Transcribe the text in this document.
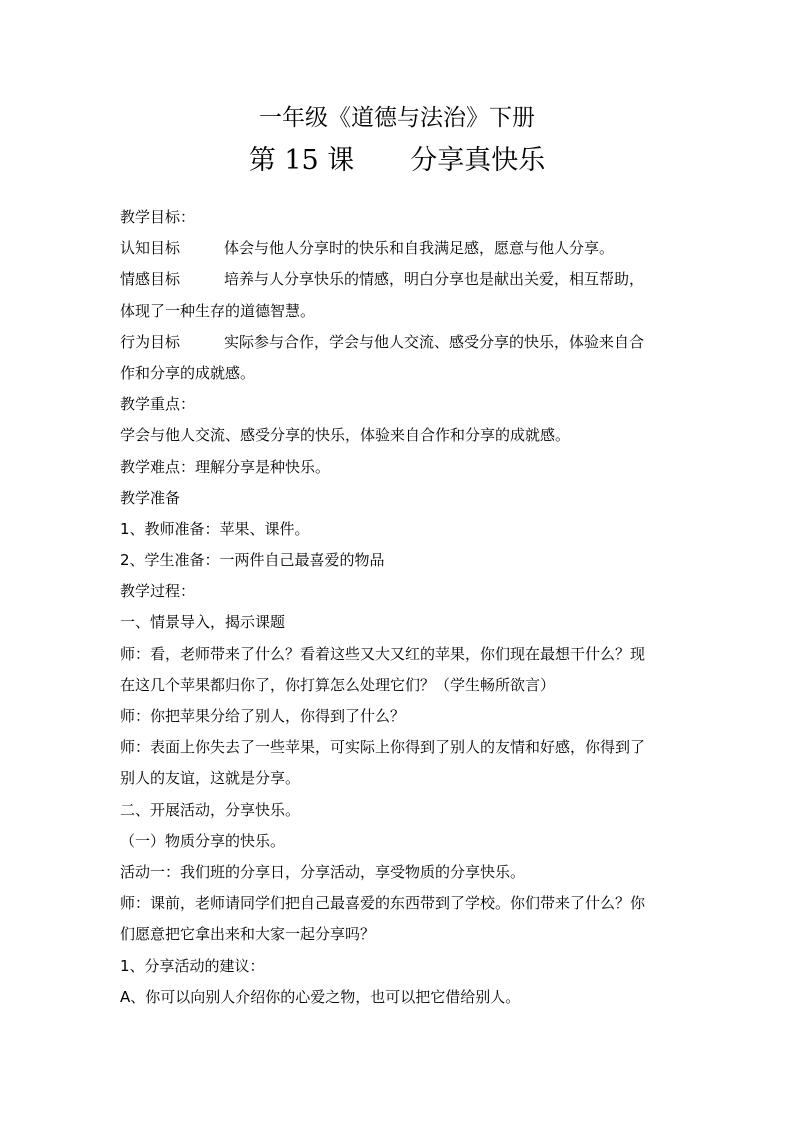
一年级《道德与法治》下册
第 15 课 分享真快乐
教学目标：
认知目标	体会与他人分享时的快乐和自我满足感，愿意与他人分享。
情感目标	培养与人分享快乐的情感，明白分享也是献出关爱，相互帮助，
体现了一种生存的道德智慧。
行为目标	实际参与合作，学会与他人交流、感受分享的快乐，体验来自合
作和分享的成就感。
教学重点：
学会与他人交流、感受分享的快乐，体验来自合作和分享的成就感。
教学难点：理解分享是种快乐。
教学准备
1、教师准备：苹果、课件。
2、学生准备：一两件自己最喜爱的物品
教学过程：
一、情景导入，揭示课题
师：看，老师带来了什么？看着这些又大又红的苹果，你们现在最想干什么？现
在这几个苹果都归你了，你打算怎么处理它们？（学生畅所欲言）
师：你把苹果分给了别人，你得到了什么？
师：表面上你失去了一些苹果，可实际上你得到了别人的友情和好感，你得到了
别人的友谊，这就是分享。
二、开展活动，分享快乐。
（一）物质分享的快乐。
活动一：我们班的分享日，分享活动，享受物质的分享快乐。
师：课前，老师请同学们把自己最喜爱的东西带到了学校。你们带来了什么？你
们愿意把它拿出来和大家一起分享吗？
1、分享活动的建议：
A、你可以向别人介绍你的心爱之物，也可以把它借给别人。
